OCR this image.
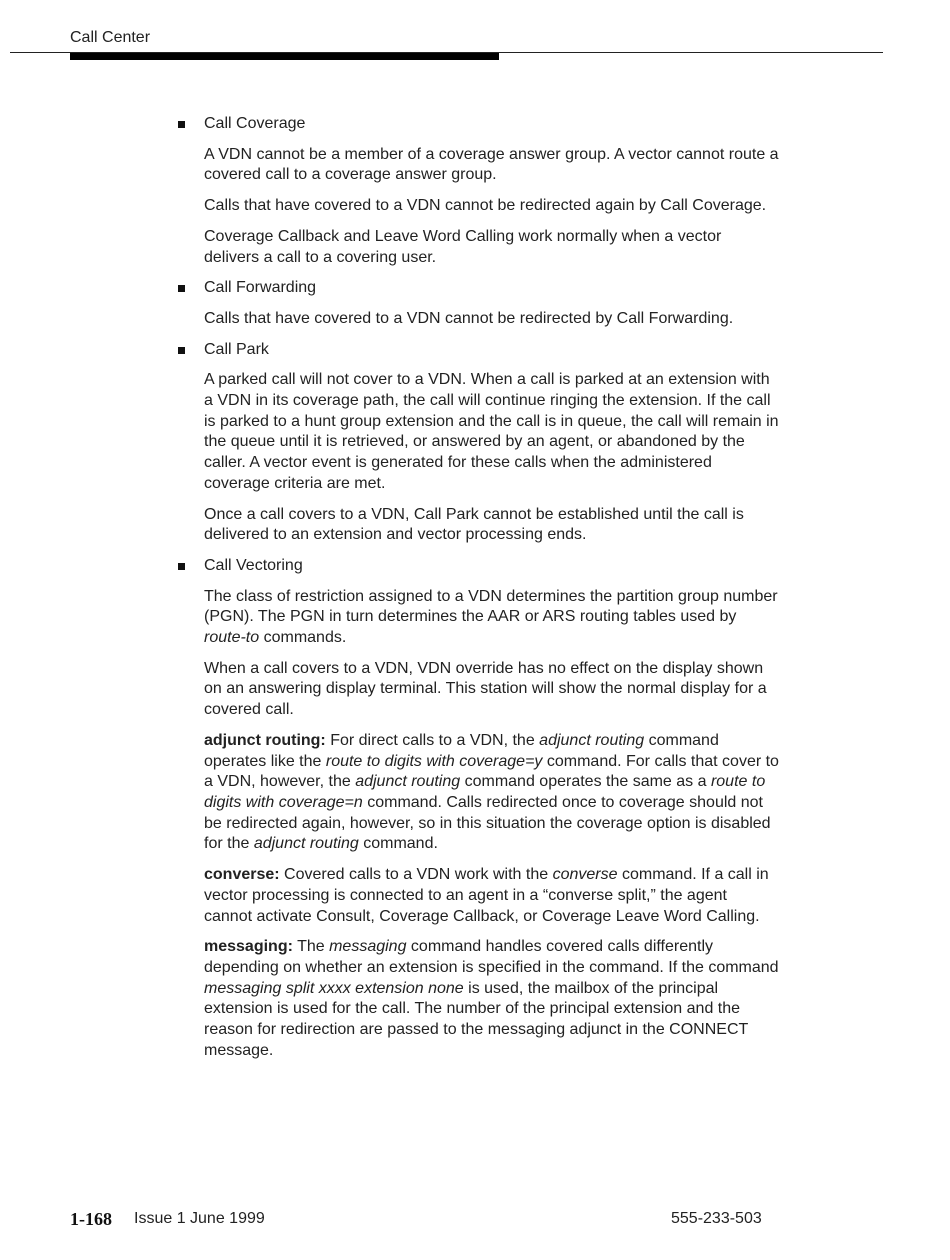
Call Center
Call Coverage

A VDN cannot be a member of a coverage answer group. A vector cannot route a covered call to a coverage answer group.

Calls that have covered to a VDN cannot be redirected again by Call Coverage.

Coverage Callback and Leave Word Calling work normally when a vector delivers a call to a covering user.

Call Forwarding

Calls that have covered to a VDN cannot be redirected by Call Forwarding.

Call Park

A parked call will not cover to a VDN. When a call is parked at an extension with a VDN in its coverage path, the call will continue ringing the extension. If the call is parked to a hunt group extension and the call is in queue, the call will remain in the queue until it is retrieved, or answered by an agent, or abandoned by the caller. A vector event is generated for these calls when the administered coverage criteria are met.

Once a call covers to a VDN, Call Park cannot be established until the call is delivered to an extension and vector processing ends.

Call Vectoring

The class of restriction assigned to a VDN determines the partition group number (PGN). The PGN in turn determines the AAR or ARS routing tables used by route-to commands.

When a call covers to a VDN, VDN override has no effect on the display shown on an answering display terminal. This station will show the normal display for a covered call.

adjunct routing: For direct calls to a VDN, the adjunct routing command operates like the route to digits with coverage=y command. For calls that cover to a VDN, however, the adjunct routing command operates the same as a route to digits with coverage=n command. Calls redirected once to coverage should not be redirected again, however, so in this situation the coverage option is disabled for the adjunct routing command.

converse: Covered calls to a VDN work with the converse command. If a call in vector processing is connected to an agent in a “converse split,” the agent cannot activate Consult, Coverage Callback, or Coverage Leave Word Calling.

messaging: The messaging command handles covered calls differently depending on whether an extension is specified in the command. If the command messaging split xxxx extension none is used, the mailbox of the principal extension is used for the call. The number of the principal extension and the reason for redirection are passed to the messaging adjunct in the CONNECT message.

1-168 Issue 1 June 1999	555-233-503
